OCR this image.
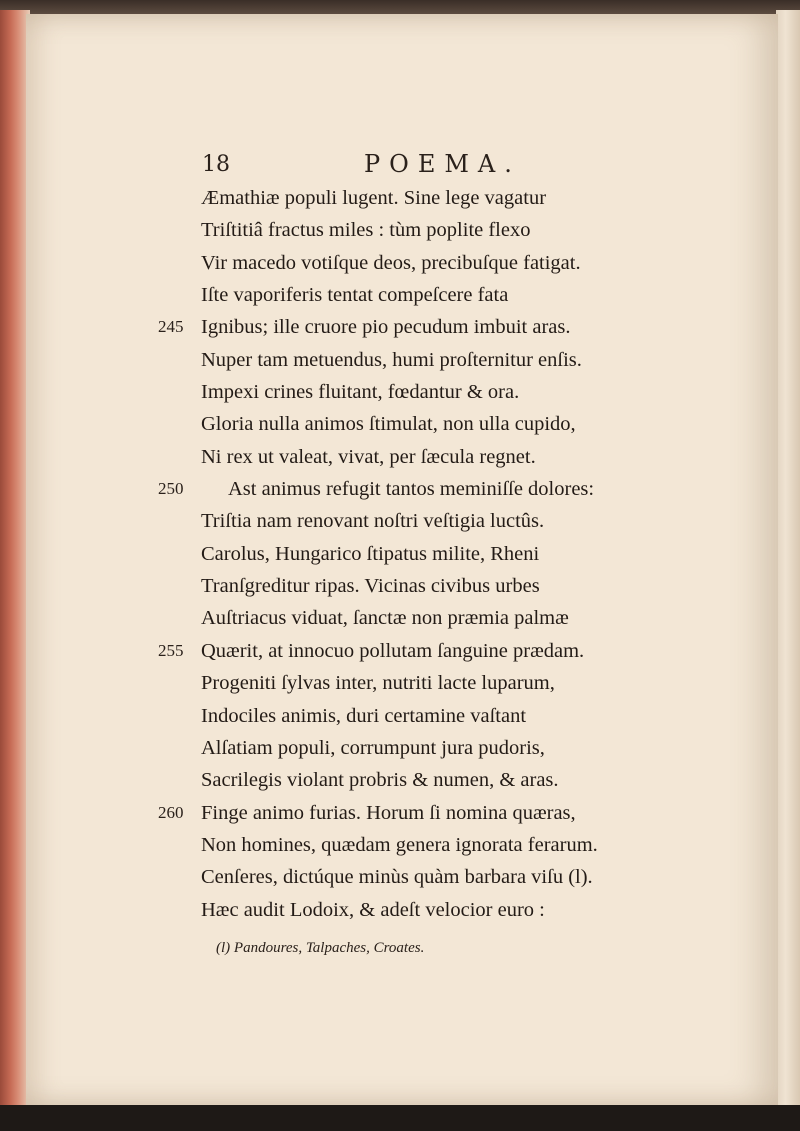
18	POEMA.
Æmathiæ populi lugent. Sine lege vagatur
Triſtitiâ fractus miles : tùm poplite flexo
Vir macedo votiſque deos, precibuſque fatigat.
Iſte vaporiferis tentat compeſcere fata
245 Ignibus; ille cruore pio pecudum imbuit aras.
Nuper tam metuendus, humi proſternitur enſis.
Impexi crines fluitant, fœdantur & ora.
Gloria nulla animos ſtimulat, non ulla cupido,
Ni rex ut valeat, vivat, per ſæcula regnet.
250 Ast animus refugit tantos meminiſſe dolores:
Triſtia nam renovant noſtri veſtigia luctûs.
Carolus, Hungarico ſtipatus milite, Rheni
Tranſgreditur ripas. Vicinas civibus urbes
Auſtriacus viduat, ſanctæ non præmia palmæ
255 Quærit, at innocuo pollutam ſanguine prædam.
Progeniti ſylvas inter, nutriti lacte luparum,
Indociles animis, duri certamine vaſtant
Alſatiam populi, corrumpunt jura pudoris,
Sacrilegis violant probris & numen, & aras.
260 Finge animo furias. Horum ſi nomina quæras,
Non homines, quædam genera ignorata ferarum.
Cenſeres, dictúque minùs quàm barbara viſu (l).
Hæc audit Lodoix, & adeſt velocior euro :
(l) Pandoures, Talpaches, Croates.
